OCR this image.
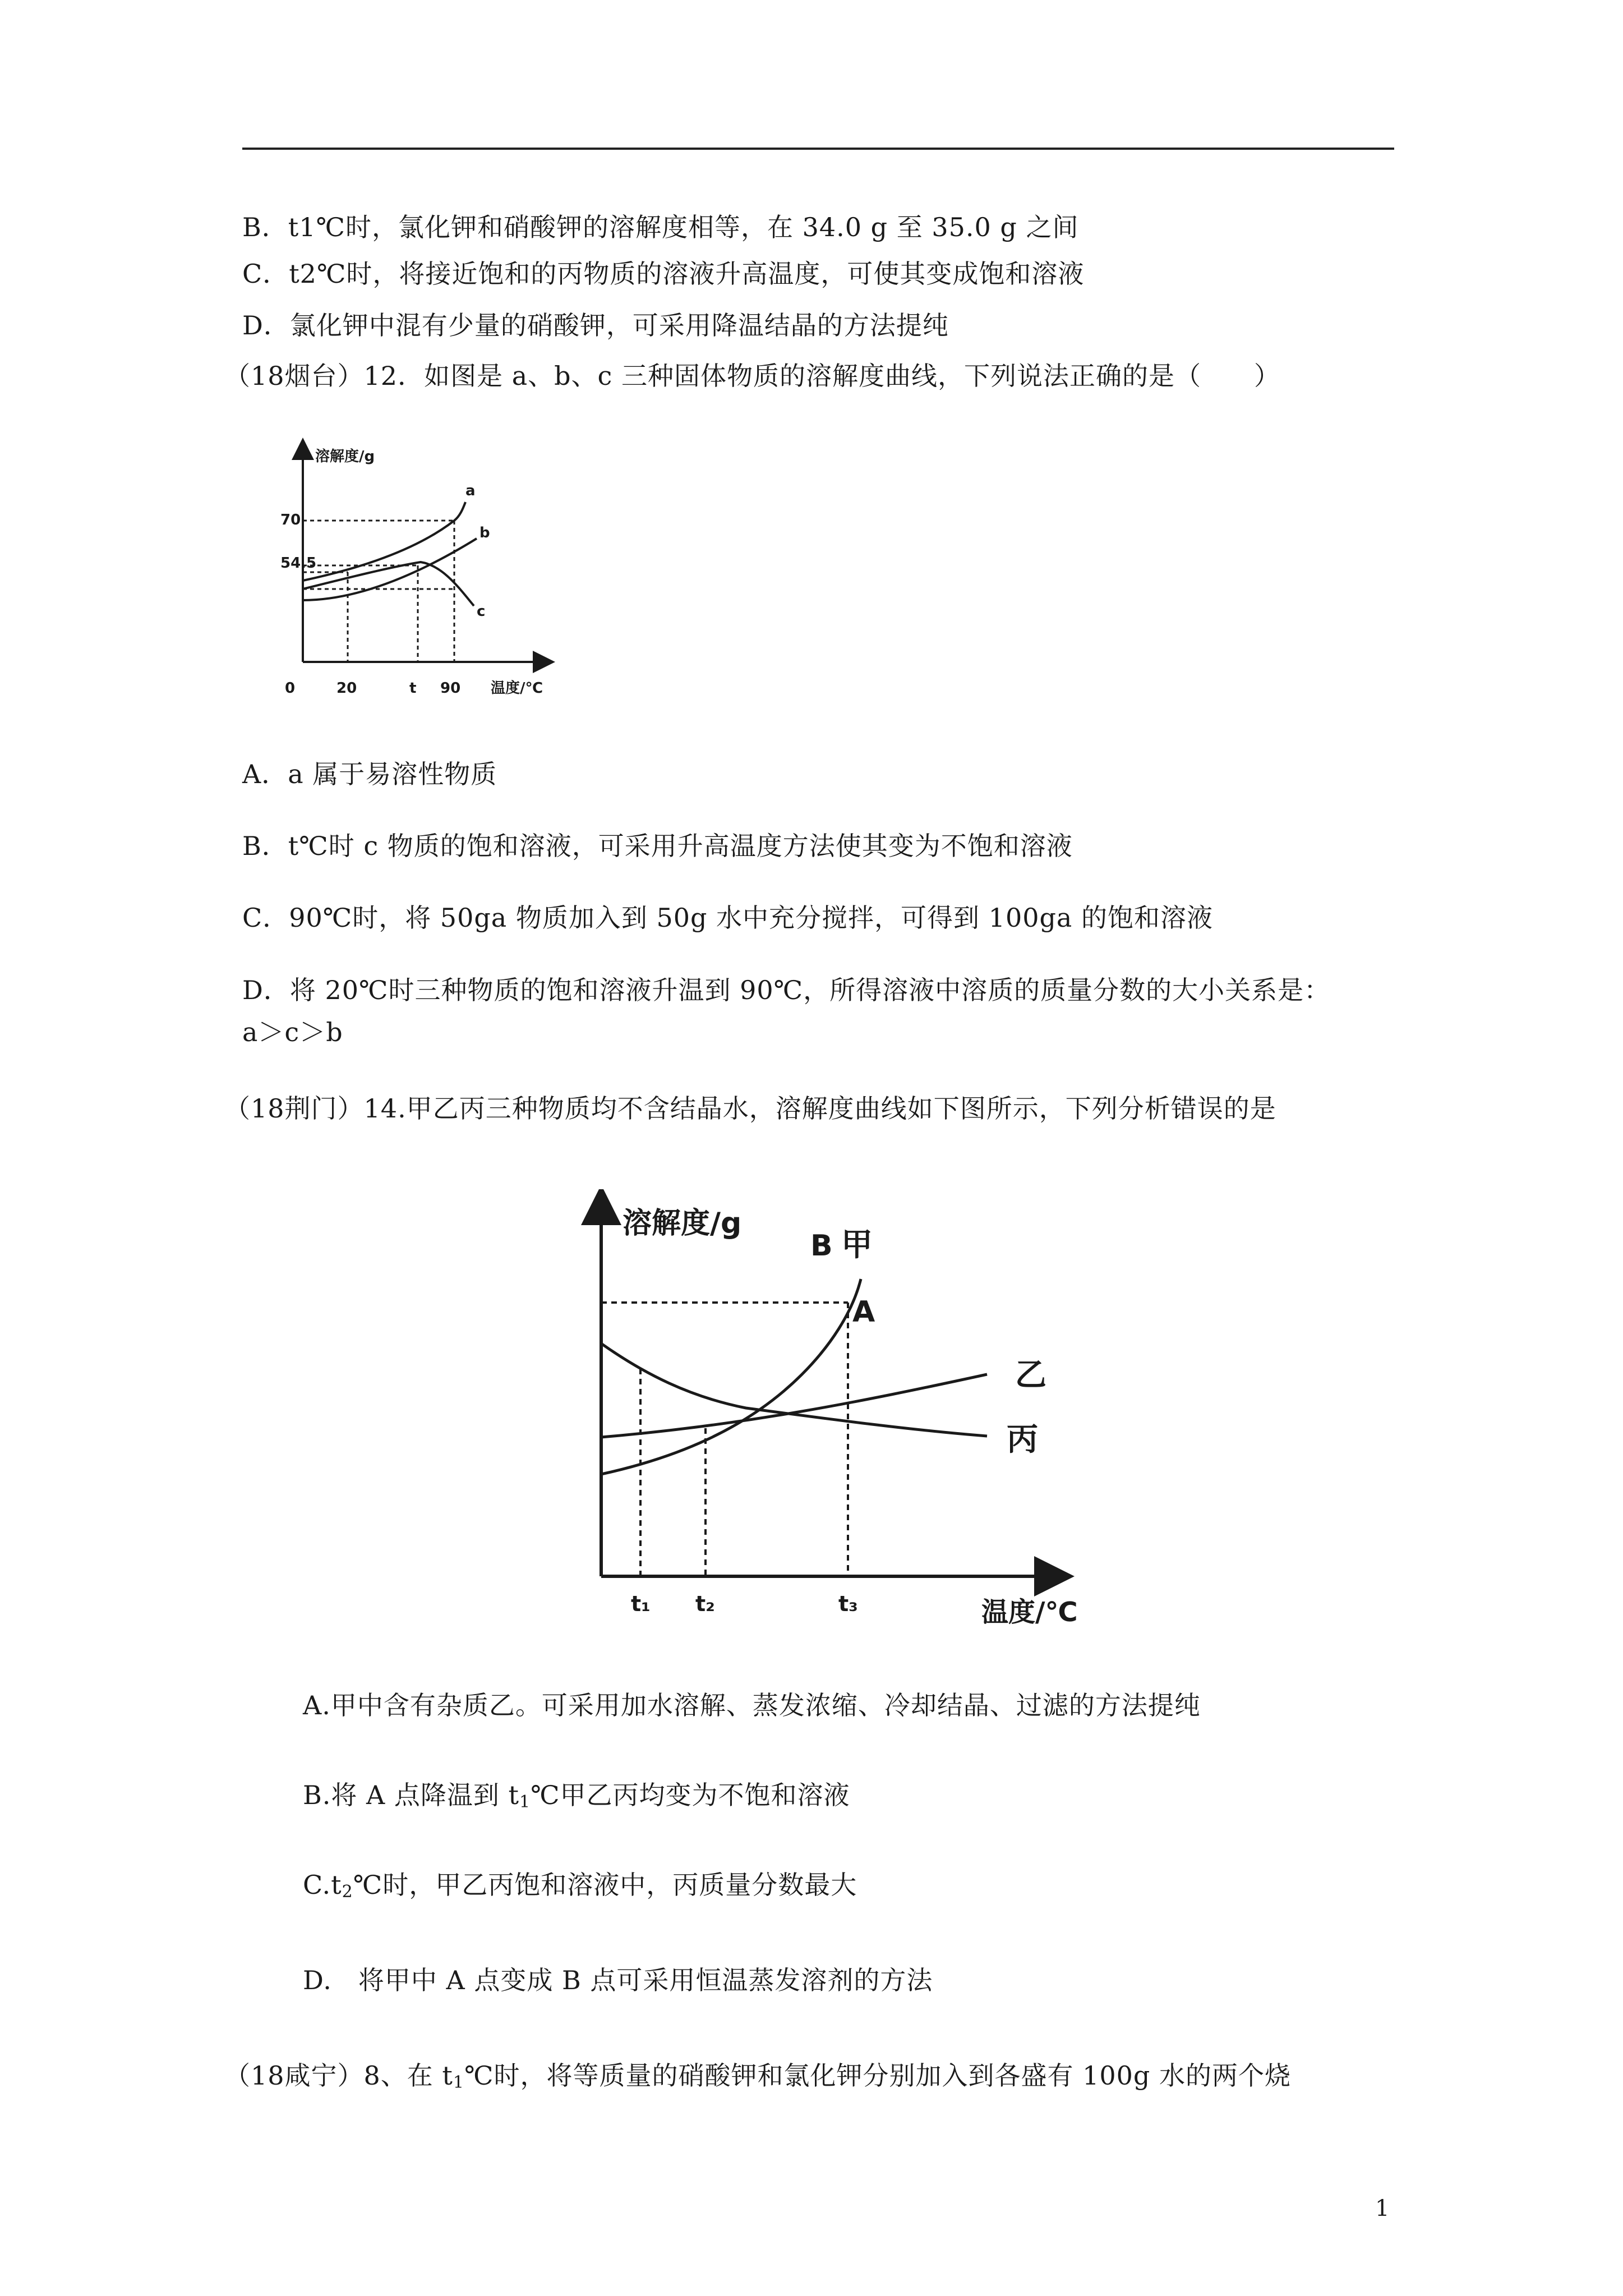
B．t1℃时，氯化钾和硝酸钾的溶解度相等，在 34.0 g 至 35.0 g 之间
C．t2℃时，将接近饱和的丙物质的溶液升高温度，可使其变成饱和溶液
D．氯化钾中混有少量的硝酸钾，可采用降温结晶的方法提纯
（18烟台）12．如图是 a、b、c 三种固体物质的溶解度曲线，下列说法正确的是（　　）
溶解度/g
温度/℃
70
54.5
0	20	t 90
a
b
c
A．a 属于易溶性物质
B．t℃时 c 物质的饱和溶液，可采用升高温度方法使其变为不饱和溶液
C．90℃时，将 50ga 物质加入到 50g 水中充分搅拌，可得到 100ga 的饱和溶液
D．将 20℃时三种物质的饱和溶液升温到 90℃，所得溶液中溶质的质量分数的大小关系是：
a＞c＞b
（18荆门）14.甲乙丙三种物质均不含结晶水，溶解度曲线如下图所示，下列分析错误的是
溶解度/g
温度/℃
t₁ t₂	t₃
B
A
甲
乙
丙
A.甲中含有杂质乙。可采用加水溶解、蒸发浓缩、冷却结晶、过滤的方法提纯
B.将 A 点降温到 $t_1℃$甲乙丙均变为不饱和溶液
$C.t_2℃$时，甲乙丙饱和溶液中，丙质量分数最大
D.　将甲中 A 点变成 B 点可采用恒温蒸发溶剂的方法
（18咸宁）8、在 $t_1℃$时，将等质量的硝酸钾和氯化钾分别加入到各盛有 100g 水的两个烧
1
